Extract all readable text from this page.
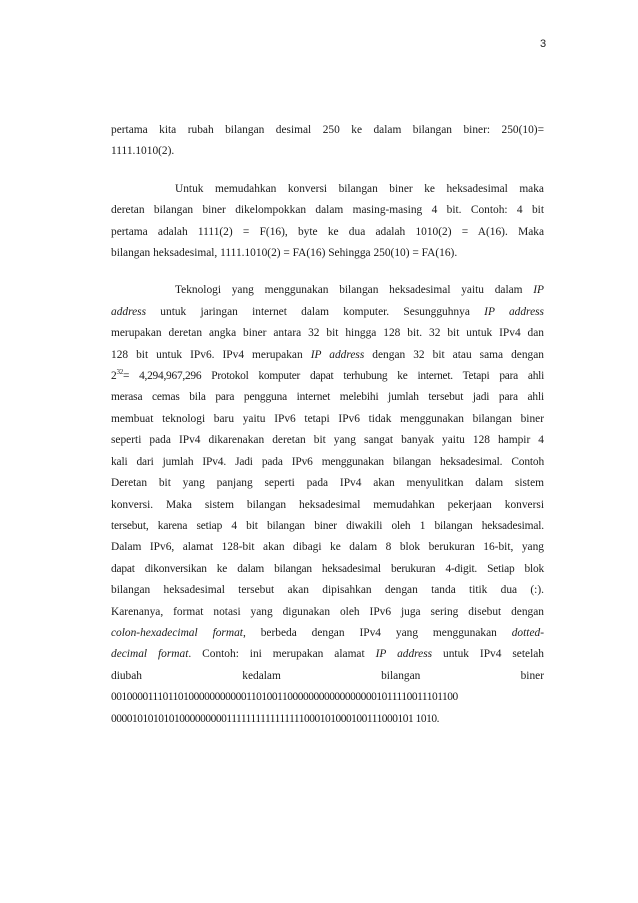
3
pertama kita rubah bilangan desimal 250 ke dalam bilangan biner: 250(10)=
1111.1010(2).
Untuk memudahkan konversi bilangan biner ke heksadesimal maka
deretan bilangan biner dikelompokkan dalam masing-masing 4 bit. Contoh: 4 bit
pertama adalah 1111(2) = F(16), byte ke dua adalah 1010(2) = A(16). Maka
bilangan heksadesimal, 1111.1010(2) = FA(16) Sehingga 250(10) = FA(16).
Teknologi yang menggunakan bilangan heksadesimal yaitu dalam IP
address untuk jaringan internet dalam komputer. Sesungguhnya IP address
merupakan deretan angka biner antara 32 bit hingga 128 bit. 32 bit untuk IPv4 dan
128 bit untuk IPv6. IPv4 merupakan IP address dengan 32 bit atau sama dengan
$2^{32}= 4,294,967,296$ Protokol komputer dapat terhubung ke internet. Tetapi para ahli
merasa cemas bila para pengguna internet melebihi jumlah tersebut jadi para ahli
membuat teknologi baru yaitu IPv6 tetapi IPv6 tidak menggunakan bilangan biner
seperti pada IPv4 dikarenakan deretan bit yang sangat banyak yaitu 128 hampir 4
kali dari jumlah IPv4. Jadi pada IPv6 menggunakan bilangan heksadesimal. Contoh
Deretan bit yang panjang seperti pada IPv4 akan menyulitkan dalam sistem
konversi. Maka sistem bilangan heksadesimal memudahkan pekerjaan konversi
tersebut, karena setiap 4 bit bilangan biner diwakili oleh 1 bilangan heksadesimal.
Dalam IPv6, alamat 128-bit akan dibagi ke dalam 8 blok berukuran 16-bit, yang
dapat dikonversikan ke dalam bilangan heksadesimal berukuran 4-digit. Setiap blok
bilangan heksadesimal tersebut akan dipisahkan dengan tanda titik dua (:).
Karenanya, format notasi yang digunakan oleh IPv6 juga sering disebut dengan
colon-hexadecimal format, berbeda dengan IPv4 yang menggunakan dotted-
decimal format. Contoh: ini merupakan alamat IP address untuk IPv4 setelah
diubah	kedalam	bilangan	biner
0010000111011010000000000011010011000000000000000001011110011101100
00001010101010000000001111111111111111000101000100111000101 1010.
